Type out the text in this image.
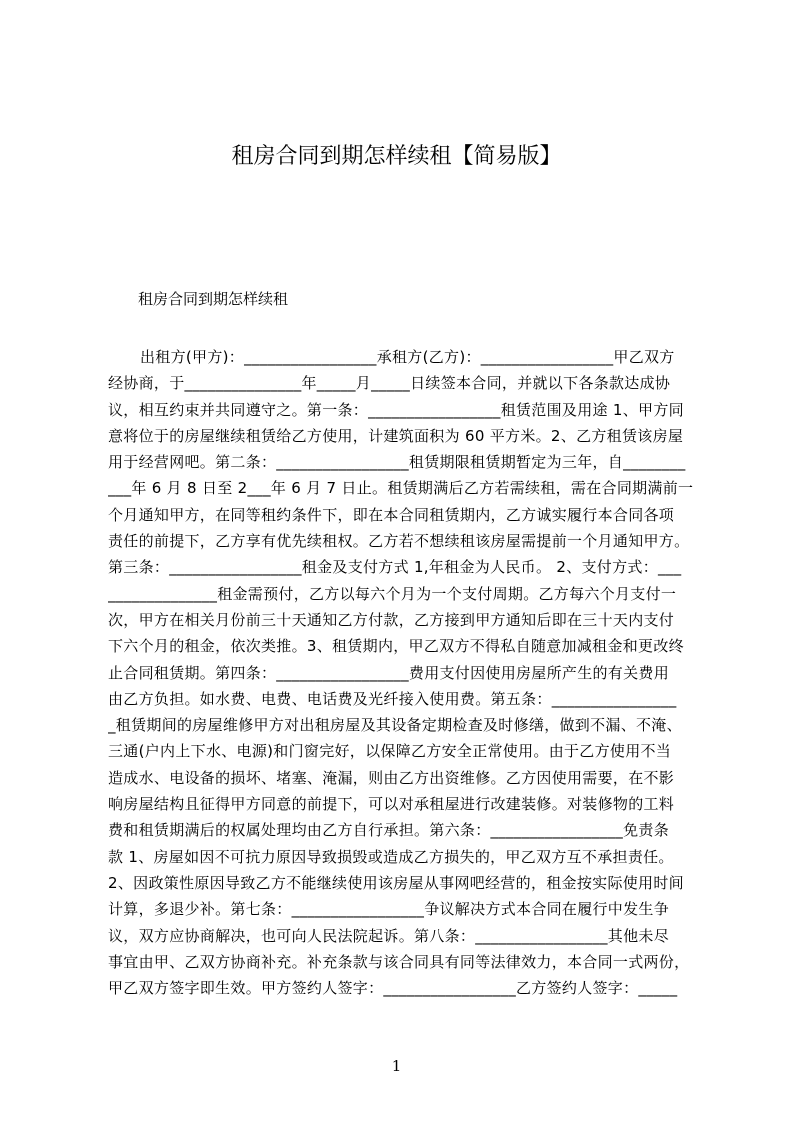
租房合同到期怎样续租【简易版】
租房合同到期怎样续租
出租方(甲方)：_________________承租方(乙方)：_________________甲乙双方
经协商，于_______________年_____月_____日续签本合同，并就以下各条款达成协
议，相互约束并共同遵守之。第一条：_________________租赁范围及用途 1、甲方同
意将位于的房屋继续租赁给乙方使用，计建筑面积为 60 平方米。2、乙方租赁该房屋
用于经营网吧。第二条：_________________租赁期限租赁期暂定为三年，自________
___年 6 月 8 日至 2___年 6 月 7 日止。租赁期满后乙方若需续租，需在合同期满前一
个月通知甲方，在同等租约条件下，即在本合同租赁期内，乙方诚实履行本合同各项
责任的前提下，乙方享有优先续租权。乙方若不想续租该房屋需提前一个月通知甲方。
第三条：_________________租金及支付方式 1,年租金为人民币。 2、支付方式：___
______________租金需预付，乙方以每六个月为一个支付周期。乙方每六个月支付一
次，甲方在相关月份前三十天通知乙方付款，乙方接到甲方通知后即在三十天内支付
下六个月的租金，依次类推。3、租赁期内，甲乙双方不得私自随意加减租金和更改终
止合同租赁期。第四条：_________________费用支付因使用房屋所产生的有关费用
由乙方负担。如水费、电费、电话费及光纤接入使用费。第五条：________________
_租赁期间的房屋维修甲方对出租房屋及其设备定期检查及时修缮，做到不漏、不淹、
三通(户内上下水、电源)和门窗完好，以保障乙方安全正常使用。由于乙方使用不当
造成水、电设备的损坏、堵塞、淹漏，则由乙方出资维修。乙方因使用需要，在不影
响房屋结构且征得甲方同意的前提下，可以对承租屋进行改建装修。对装修物的工料
费和租赁期满后的权属处理均由乙方自行承担。第六条：_________________免责条
款 1、房屋如因不可抗力原因导致损毁或造成乙方损失的，甲乙双方互不承担责任。
2、因政策性原因导致乙方不能继续使用该房屋从事网吧经营的，租金按实际使用时间
计算，多退少补。第七条：_________________争议解决方式本合同在履行中发生争
议，双方应协商解决，也可向人民法院起诉。第八条：_________________其他未尽
事宜由甲、乙双方协商补充。补充条款与该合同具有同等法律效力，本合同一式两份，
甲乙双方签字即生效。甲方签约人签字：_________________乙方签约人签字：_____
1
